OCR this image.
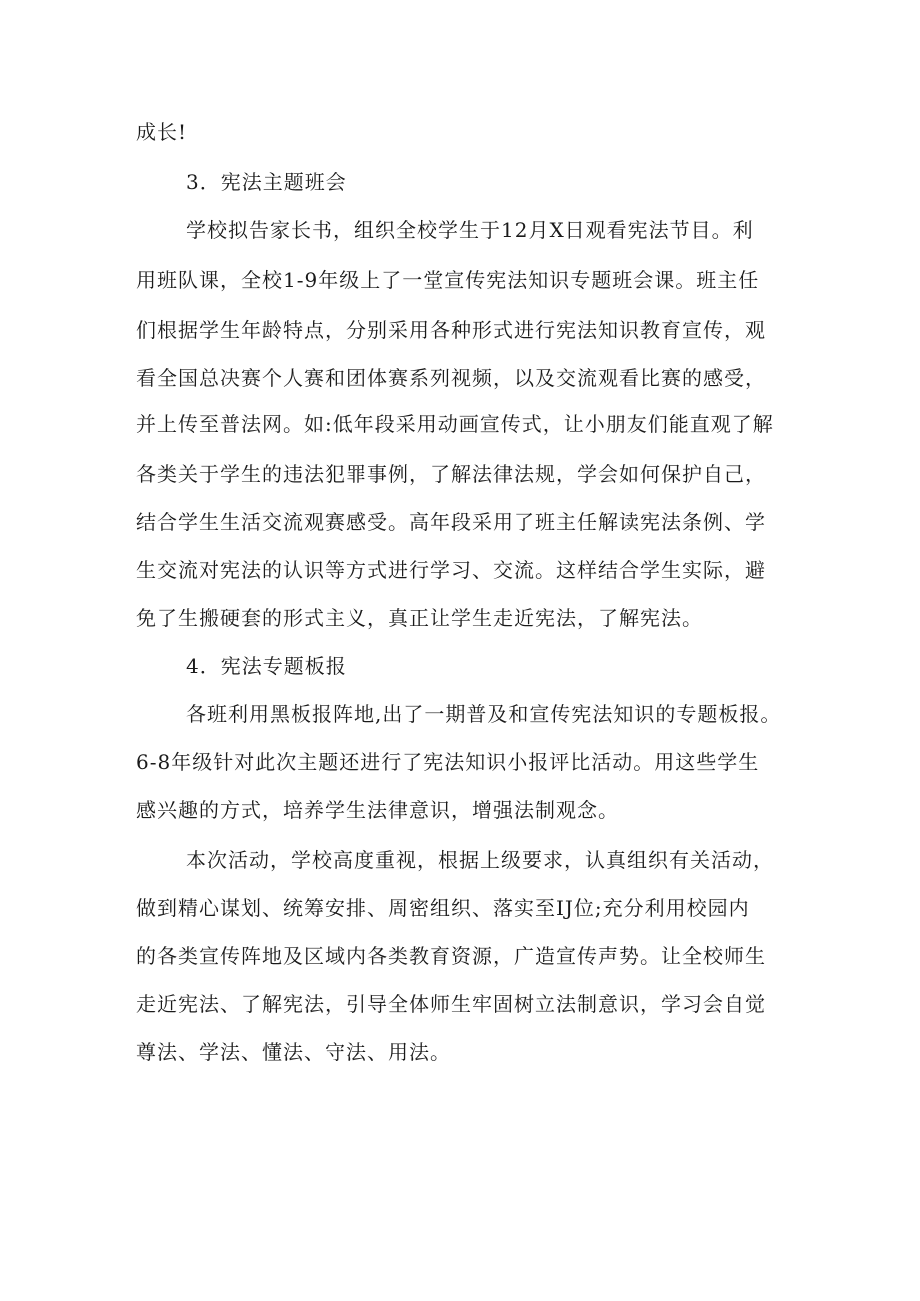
成长!
3．宪法主题班会
学校拟告家长书，组织全校学生于12月X日观看宪法节目。利
用班队课，全校1-9年级上了一堂宣传宪法知识专题班会课。班主任
们根据学生年龄特点，分别采用各种形式进行宪法知识教育宣传，观
看全国总决赛个人赛和团体赛系列视频，以及交流观看比赛的感受，
并上传至普法网。如:低年段采用动画宣传式，让小朋友们能直观了解
各类关于学生的违法犯罪事例，了解法律法规，学会如何保护自己，
结合学生生活交流观赛感受。高年段采用了班主任解读宪法条例、学
生交流对宪法的认识等方式进行学习、交流。这样结合学生实际，避
免了生搬硬套的形式主义，真正让学生走近宪法，了解宪法。
4．宪法专题板报
各班利用黑板报阵地,出了一期普及和宣传宪法知识的专题板报。
6-8年级针对此次主题还进行了宪法知识小报评比活动。用这些学生
感兴趣的方式，培养学生法律意识，增强法制观念。
本次活动，学校高度重视，根据上级要求，认真组织有关活动，
做到精心谋划、统筹安排、周密组织、落实至IJ位;充分利用校园内
的各类宣传阵地及区域内各类教育资源，广造宣传声势。让全校师生
走近宪法、了解宪法，引导全体师生牢固树立法制意识，学习会自觉
尊法、学法、懂法、守法、用法。
